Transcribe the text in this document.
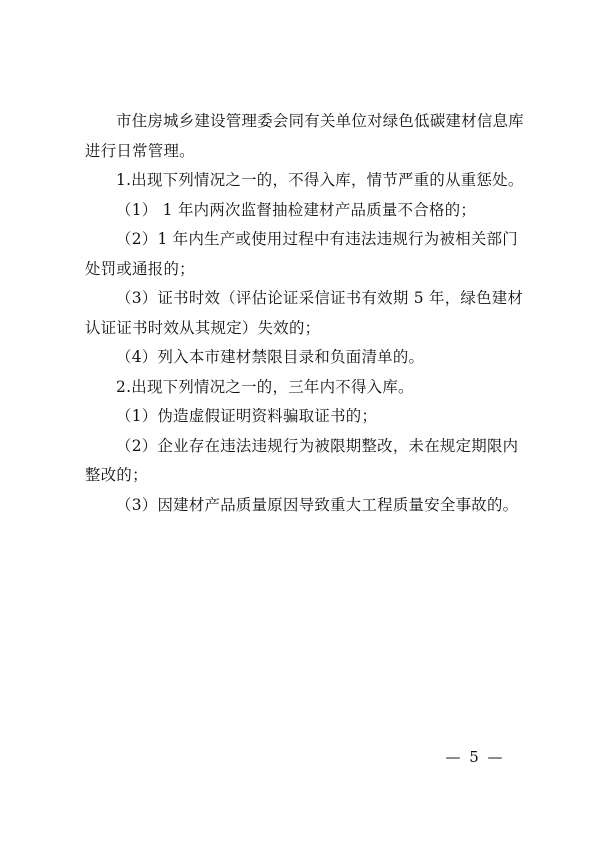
市住房城乡建设管理委会同有关单位对绿色低碳建材信息库进行日常管理。

1.出现下列情况之一的，不得入库，情节严重的从重惩处。

（1） 1 年内两次监督抽检建材产品质量不合格的；

（2）1 年内生产或使用过程中有违法违规行为被相关部门处罚或通报的；

（3）证书时效（评估论证采信证书有效期 5 年，绿色建材认证证书时效从其规定）失效的；

（4）列入本市建材禁限目录和负面清单的。

2.出现下列情况之一的，三年内不得入库。

（1）伪造虚假证明资料骗取证书的；

（2）企业存在违法违规行为被限期整改，未在规定期限内整改的；

（3）因建材产品质量原因导致重大工程质量安全事故的。

— 5 —
